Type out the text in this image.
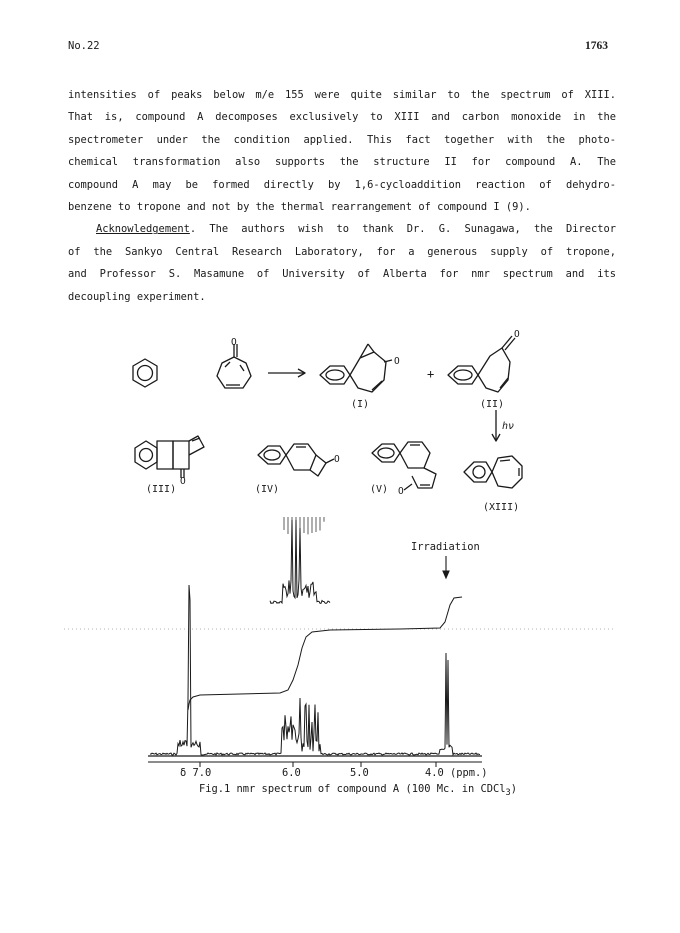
No.22	1763

intensities of peaks below m/e 155 were quite similar to the spectrum of XIII.
That is, compound A decomposes exclusively to XIII and carbon monoxide in the
spectrometer under the condition applied. This fact together with the photo-
chemical transformation also supports the structure II for compound A. The
compound A may be formed directly by 1,6-cycloaddition reaction of dehydro-
benzene to tropone and not by the thermal rearrangement of compound I (9).

Acknowledgement. The authors wish to thank Dr. G. Sunagawa, the Director
of the Sankyo Central Research Laboratory, for a generous supply of tropone,
and Professor S. Masamune of University of Alberta for nmr spectrum and its
decoupling experiment.

O
O
O
O
O
O
+
(I)	(II)
(III)	(IV)	(V)
(XIII)
hν
Irradiation
δ 7.0	6.0	5.0	4.0 (ppm.)
Fig.1 nmr spectrum of compound A (100 Mc. in CDCl$_3$)
